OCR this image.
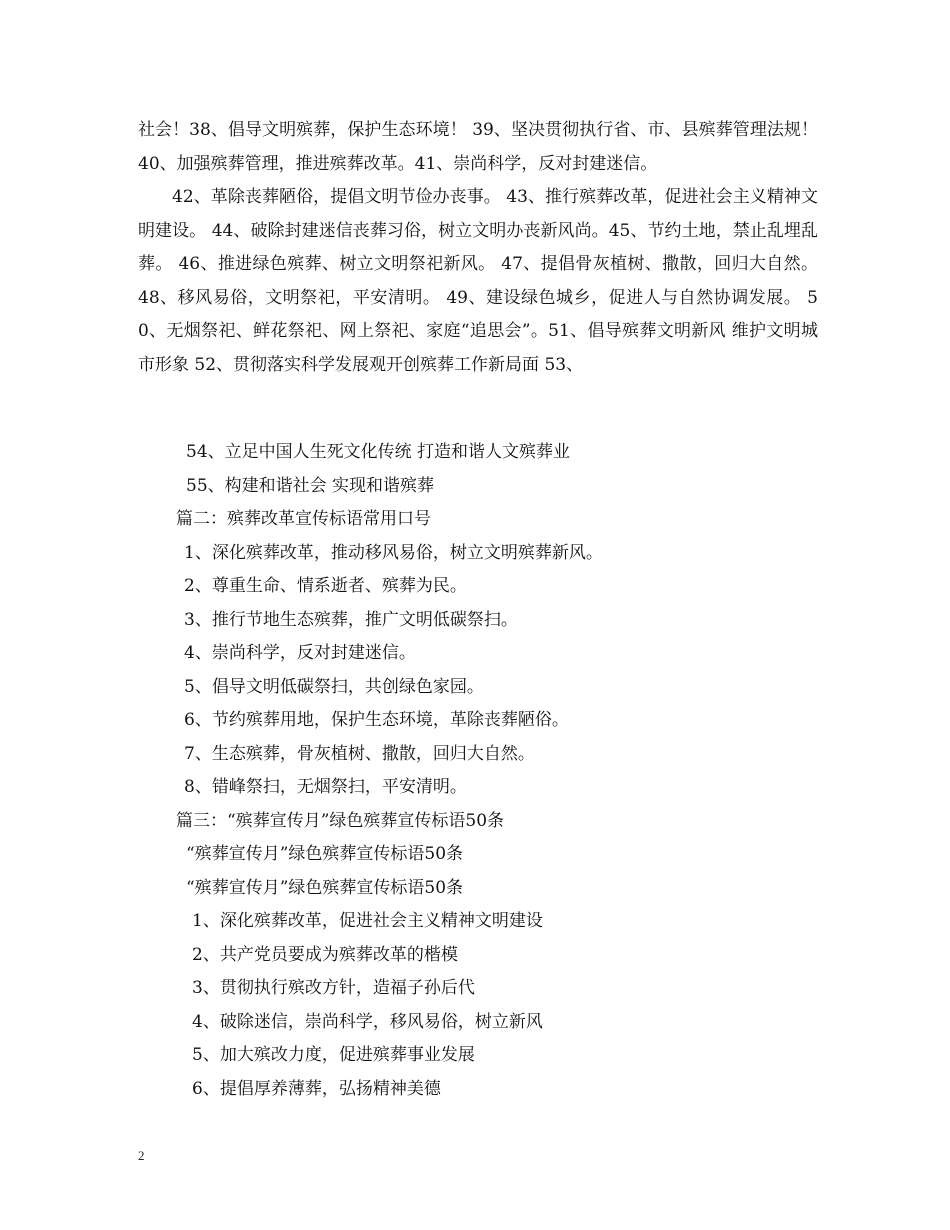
社会！38、倡导文明殡葬，保护生态环境！ 39、坚决贯彻执行省、市、县殡葬管理法规！ 40、加强殡葬管理，推进殡葬改革。41、崇尚科学，反对封建迷信。

42、革除丧葬陋俗，提倡文明节俭办丧事。 43、推行殡葬改革，促进社会主义精神文明建设。 44、破除封建迷信丧葬习俗，树立文明办丧新风尚。45、节约土地，禁止乱埋乱葬。 46、推进绿色殡葬、树立文明祭祀新风。 47、提倡骨灰植树、撒散，回归大自然。 48、移风易俗，文明祭祀，平安清明。 49、建设绿色城乡，促进人与自然协调发展。 50、无烟祭祀、鲜花祭祀、网上祭祀、家庭“追思会”。51、倡导殡葬文明新风 维护文明城市形象 52、贯彻落实科学发展观开创殡葬工作新局面 53、

54、立足中国人生死文化传统 打造和谐人文殡葬业

55、构建和谐社会 实现和谐殡葬

篇二：殡葬改革宣传标语常用口号

1、深化殡葬改革，推动移风易俗，树立文明殡葬新风。

2、尊重生命、情系逝者、殡葬为民。

3、推行节地生态殡葬，推广文明低碳祭扫。

4、崇尚科学，反对封建迷信。

5、倡导文明低碳祭扫，共创绿色家园。

6、节约殡葬用地，保护生态环境，革除丧葬陋俗。

7、生态殡葬，骨灰植树、撒散，回归大自然。

8、错峰祭扫，无烟祭扫，平安清明。

篇三：“殡葬宣传月”绿色殡葬宣传标语50条

“殡葬宣传月”绿色殡葬宣传标语50条

“殡葬宣传月”绿色殡葬宣传标语50条

1、深化殡葬改革，促进社会主义精神文明建设

2、共产党员要成为殡葬改革的楷模

3、贯彻执行殡改方针，造福子孙后代

4、破除迷信，崇尚科学，移风易俗，树立新风

5、加大殡改力度，促进殡葬事业发展

6、提倡厚养薄葬，弘扬精神美德

2
